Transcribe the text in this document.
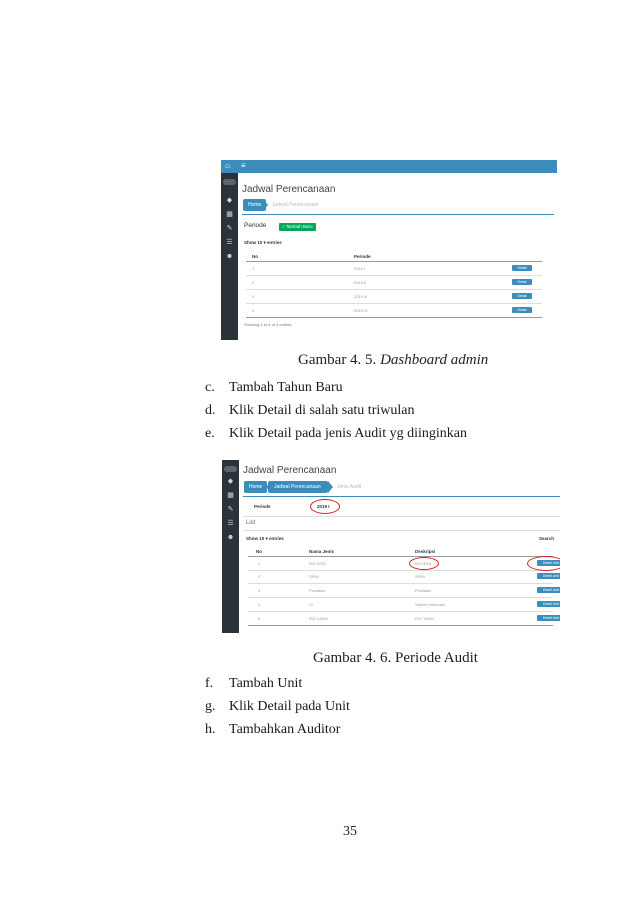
⌂ ≡
◆
▦
✎
☰
☻
Jadwal Perencanaan
Home	Jadwal Perencanaan
Periode	+ Tambah Baru
Show 10 ▾ entries
No	Periode
1	2019 I	Detail
2	2019 II	Detail
3	2019 III	Detail
4	2019 IV	Detail
Showing 1 to 4 of 4 entries
Gambar 4. 5. Dashboard admin
c. Tambah Tahun Baru
d. Klik Detail di salah satu triwulan
e. Klik Detail pada jenis Audit yg diinginkan
◆
▦
✎
☰
☻
Jadwal Perencanaan
Home	Jadwal Perencanaan	Jenis Audit
Periode	2019 I
List
Show 10 ▾ entries	Search
No	Nama Jenis	Deskripsi
1	ISO 9001	ISO 9001	Detail Unit
2	SPMI	SPMI	Detail Unit
3	Penilaian	Penilaian	Detail Unit
4	SI	Sistem Informasi	Detail Unit
5	ISO 14001	ISO 14001	Detail Unit
Gambar 4. 6. Periode Audit
f. Tambah Unit
g. Klik Detail pada Unit
h. Tambahkan Auditor
35
